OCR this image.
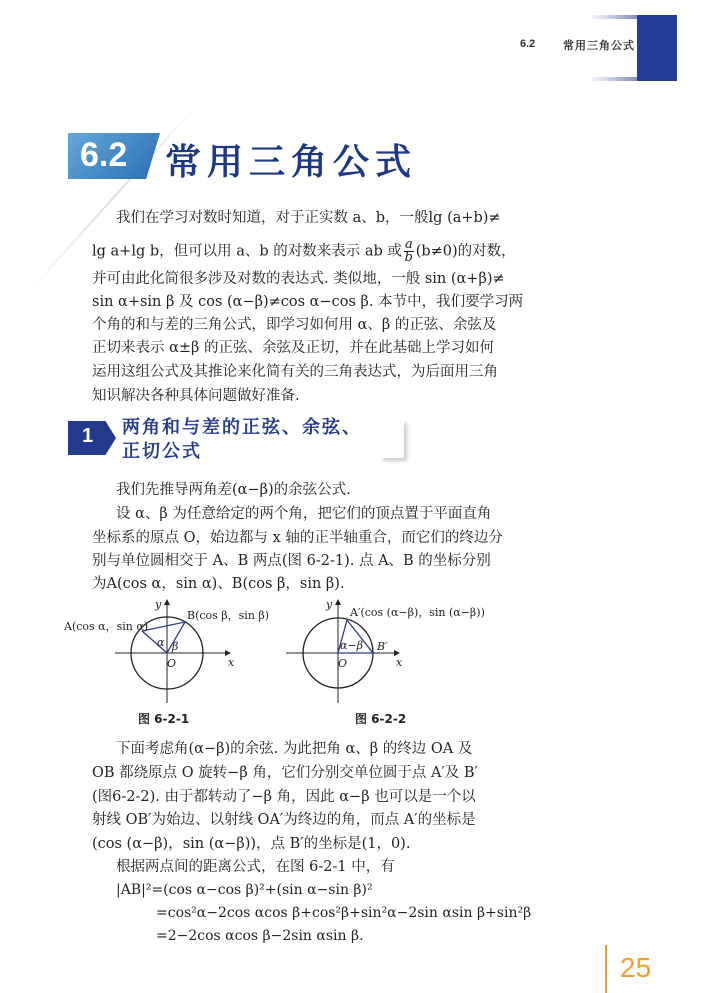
6.2	常用三角公式
6.2 常用三角公式
我们在学习对数时知道，对于正实数 a、b，一般lg (a+b)≠
lg a+lg b，但可以用 a、b 的对数来表示 ab 或 $\frac{a}{b} (b\ne 0)$的对数，
并可由此化简很多涉及对数的表达式. 类似地，一般 sin (α+β)≠
sin α+sin β 及 cos (α−β)≠cos α−cos β. 本节中，我们要学习两
个角的和与差的三角公式，即学习如何用 α、β 的正弦、余弦及
正切来表示 α±β 的正弦、余弦及正切，并在此基础上学习如何
运用这组公式及其推论来化简有关的三角表达式，为后面用三角
知识解决各种具体问题做好准备.
1 两角和与差的正弦、余弦、
正切公式
我们先推导两角差(α−β)的余弦公式.
设 α、β 为任意给定的两个角，把它们的顶点置于平面直角
坐标系的原点 O，始边都与 x 轴的正半轴重合，而它们的终边分
别与单位圆相交于 A、B 两点(图 6-2-1). 点 A、B 的坐标分别
为A(cos α，sin α)、B(cos β，sin β).
y
x
O
α β
A(cos α，sin α)
B(cos β，sin β)
y
x
O
α−β B′
A′(cos (α−β)，sin (α−β))
图 6-2-1	图 6-2-2
下面考虑角(α−β)的余弦. 为此把角 α、β 的终边 OA 及
OB 都绕原点 O 旋转−β 角，它们分别交单位圆于点 A′及 B′
(图6-2-2). 由于都转动了−β 角，因此 α−β 也可以是一个以
射线 OB′为始边、以射线 OA′为终边的角，而点 A′的坐标是
(cos (α−β)，sin (α−β))，点 B′的坐标是(1，0).
根据两点间的距离公式，在图 6-2-1 中，有
|AB|²=(cos α−cos β)²+(sin α−sin β)²
=cos²α−2cos αcos β+cos²β+sin²α−2sin αsin β+sin²β
=2−2cos αcos β−2sin αsin β.
25
